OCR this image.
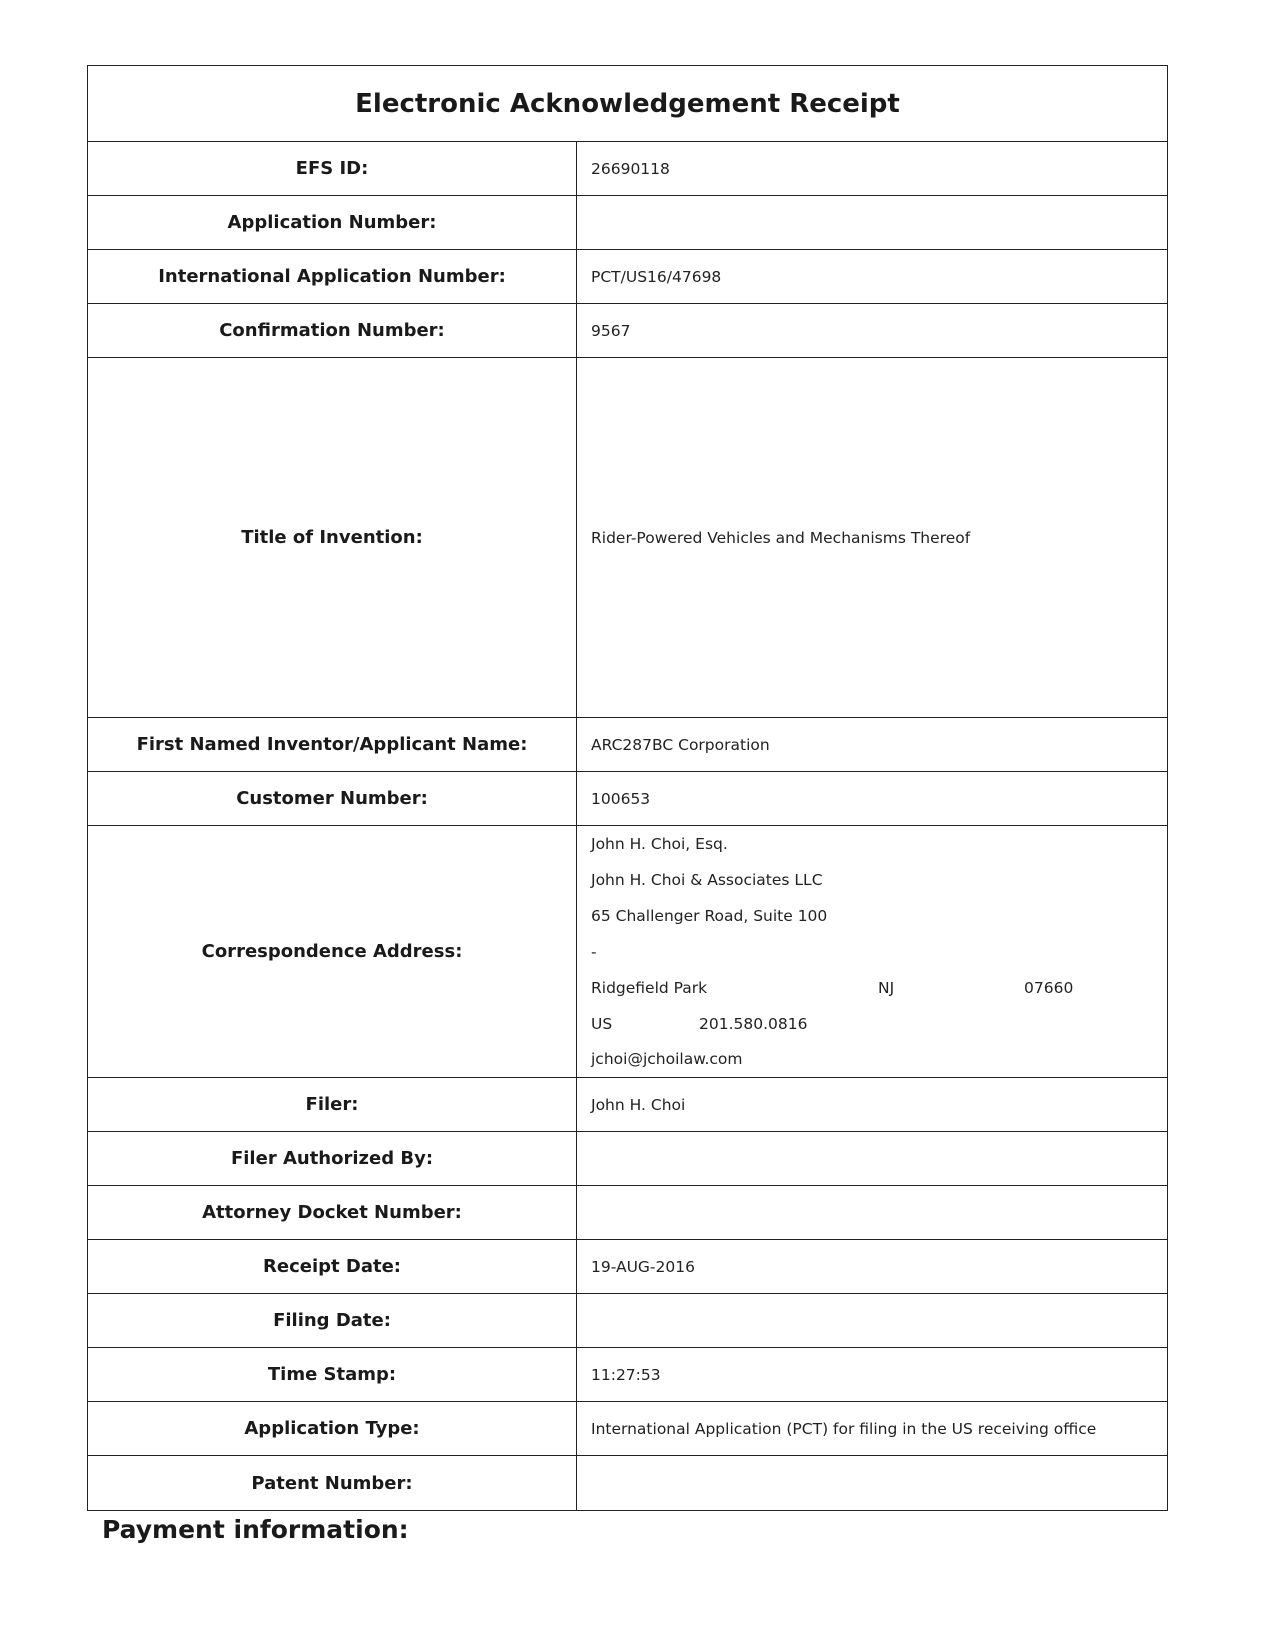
Electronic Acknowledgement Receipt
EFS ID:	26690118
Application Number:
International Application Number:	PCT/US16/47698
Confirmation Number:	9567
Title of Invention:	Rider-Powered Vehicles and Mechanisms Thereof
First Named Inventor/Applicant Name:	ARC287BC Corporation
Customer Number:	100653
Correspondence Address:
John H. Choi, Esq.
John H. Choi & Associates LLC
65 Challenger Road, Suite 100
-
Ridgefield Park	NJ	07660
US	201.580.0816
jchoi@jchoilaw.com
Filer:	John H. Choi
Filer Authorized By:
Attorney Docket Number:
Receipt Date:	19-AUG-2016
Filing Date:
Time Stamp:	11:27:53
Application Type:	International Application (PCT) for filing in the US receiving office
Patent Number:
Payment information:
